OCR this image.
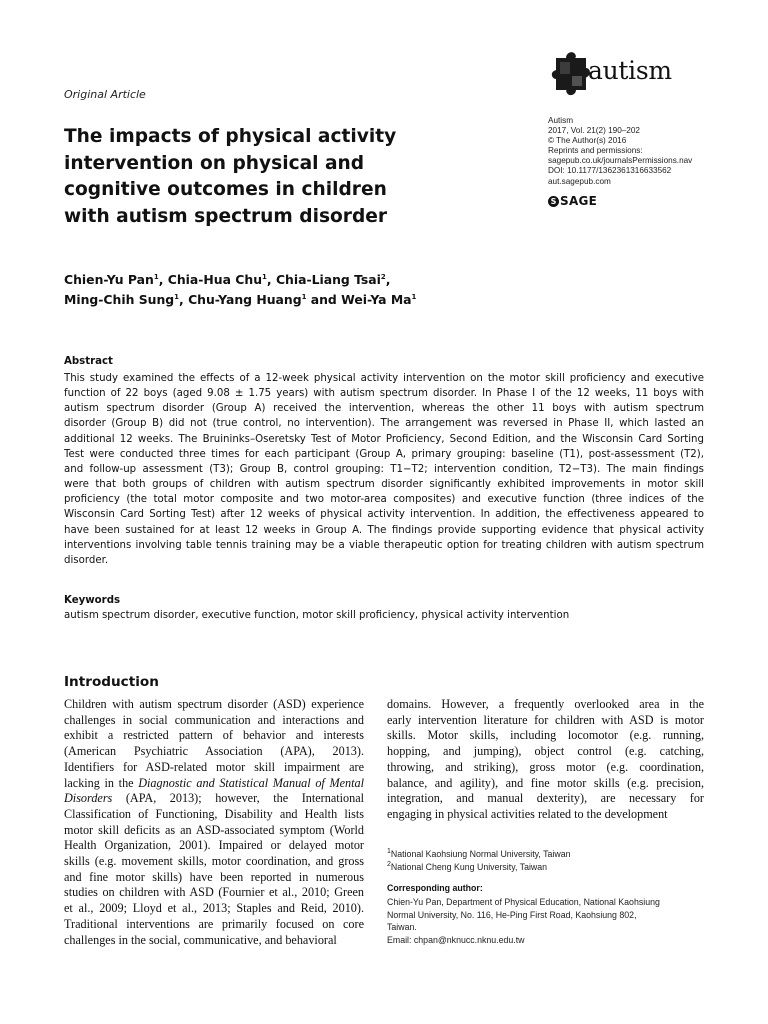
Original Article
autism
Autism
2017, Vol. 21(2) 190–202
© The Author(s) 2016
Reprints and permissions:
sagepub.co.uk/journalsPermissions.nav
DOI: 10.1177/1362361316633562
aut.sagepub.com
S SAGE
The impacts of physical activity
intervention on physical and
cognitive outcomes in children
with autism spectrum disorder
Chien-Yu Pan$^1$, Chia-Hua Chu$^1$, Chia-Liang Tsai$^2$,
Ming-Chih Sung$^1$, Chu-Yang Huang$^1$ and Wei-Ya Ma$^1$
Abstract
This study examined the effects of a 12-week physical activity intervention on the motor skill proficiency and executive
function of 22 boys (aged 9.08 ± 1.75 years) with autism spectrum disorder. In Phase I of the 12 weeks, 11 boys with
autism spectrum disorder (Group A) received the intervention, whereas the other 11 boys with autism spectrum
disorder (Group B) did not (true control, no intervention). The arrangement was reversed in Phase II, which lasted an
additional 12 weeks. The Bruininks–Oseretsky Test of Motor Proficiency, Second Edition, and the Wisconsin Card Sorting
Test were conducted three times for each participant (Group A, primary grouping: baseline (T1), post-assessment (T2),
and follow-up assessment (T3); Group B, control grouping: T1−T2; intervention condition, T2−T3). The main findings
were that both groups of children with autism spectrum disorder significantly exhibited improvements in motor skill
proficiency (the total motor composite and two motor-area composites) and executive function (three indices of the
Wisconsin Card Sorting Test) after 12 weeks of physical activity intervention. In addition, the effectiveness appeared to
have been sustained for at least 12 weeks in Group A. The findings provide supporting evidence that physical activity
interventions involving table tennis training may be a viable therapeutic option for treating children with autism spectrum
disorder.
Keywords
autism spectrum disorder, executive function, motor skill proficiency, physical activity intervention
Introduction
Children with autism spectrum disorder (ASD) experience
challenges in social communication and interactions and
exhibit a restricted pattern of behavior and interests
(American Psychiatric Association (APA), 2013).
Identifiers for ASD-related motor skill impairment are
lacking in the Diagnostic and Statistical Manual of Mental
Disorders (APA, 2013); however, the International
Classification of Functioning, Disability and Health lists
motor skill deficits as an ASD-associated symptom (World
Health Organization, 2001). Impaired or delayed motor
skills (e.g. movement skills, motor coordination, and gross
and fine motor skills) have been reported in numerous
studies on children with ASD (Fournier et al., 2010; Green
et al., 2009; Lloyd et al., 2013; Staples and Reid, 2010).
Traditional interventions are primarily focused on core
challenges in the social, communicative, and behavioral
domains. However, a frequently overlooked area in the
early intervention literature for children with ASD is motor
skills. Motor skills, including locomotor (e.g. running,
hopping, and jumping), object control (e.g. catching,
throwing, and striking), gross motor (e.g. coordination,
balance, and agility), and fine motor skills (e.g. precision,
integration, and manual dexterity), are necessary for
engaging in physical activities related to the development
$^1$National Kaohsiung Normal University, Taiwan
$^2$National Cheng Kung University, Taiwan
Corresponding author:
Chien-Yu Pan, Department of Physical Education, National Kaohsiung
Normal University, No. 116, He-Ping First Road, Kaohsiung 802,
Taiwan.
Email: chpan@nknucc.nknu.edu.tw
